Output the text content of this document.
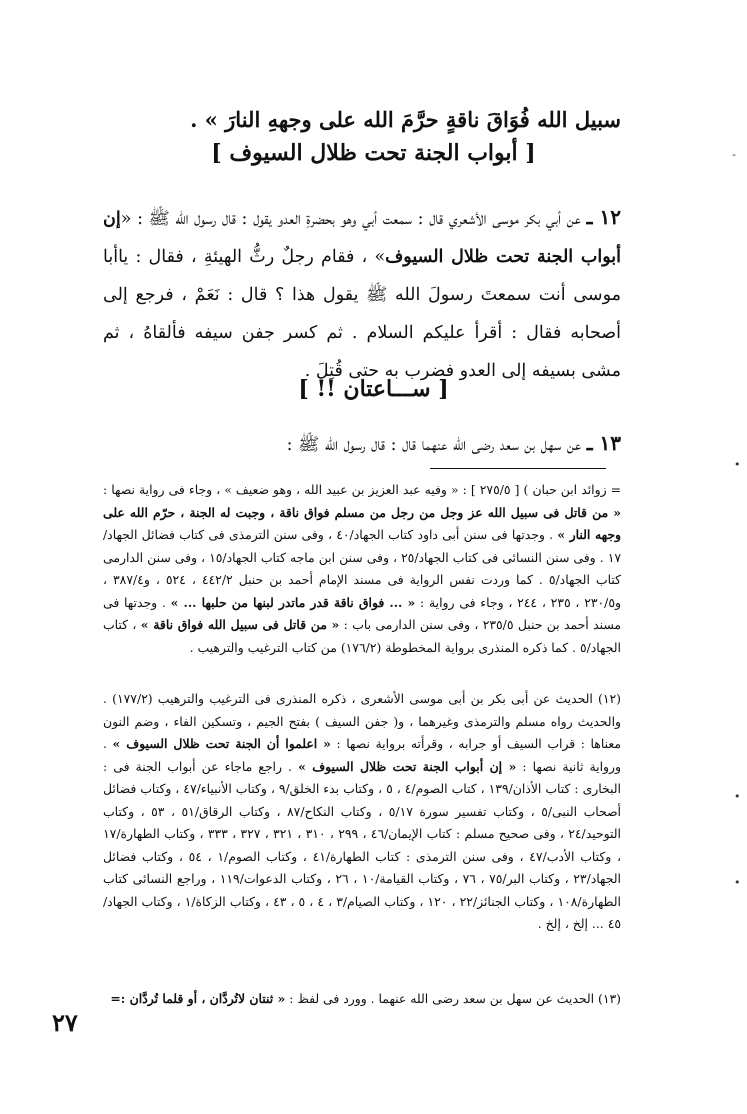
سبيل الله فُوَاقَ ناقةٍ حرَّمَ الله على وجههِ النارَ » .
[ أبواب الجنة تحت ظلال السيوف ]
١٢ ـ عن أبي بكر موسى الأشعري قال : سمعت أبي وهو بحضرةِ العدو يقول : قال رسول الله ﷺ : «إن أبواب الجنة تحت ظلال السيوف» ، فقام رجلٌ رثُّ الهيئةِ ، فقال : ياأبا موسى أنت سمعتَ رسولَ الله ﷺ يقول هذا ؟ قال : نَعَمْ ، فرجع إلى أصحابه فقال : أقرأ عليكم السلام . ثم كسر جفن سيفه فألقاهُ ، ثم مشى بسيفه إلى العدو فضرب به حتى قُتِلَ .
[ ســـاعتان !! ]
١٣ ـ عن سهل بن سعد رضى الله عنهما قال : قال رسول الله ﷺ :
= زوائد ابن حبان ) [ ٢٧٥/٥ ] : « وفيه عبد العزيز بن عبيد الله ، وهو ضعيف » ، وجاء فى رواية نصها : « من قاتل فى سبيل الله عز وجل من رجل من مسلم فواق ناقة ، وجبت له الجنة ، حرّم الله على وجهه النار » . وجدتها فى سنن أبى داود كتاب الجهاد/٤٠ ، وفى سنن الترمذى فى كتاب فضائل الجهاد/١٧ . وفى سنن النسائى فى كتاب الجهاد/٢٥ ، وفى سنن ابن ماجه كتاب الجهاد/١٥ ، وفى سنن الدارمى كتاب الجهاد/٥ . كما وردت نفس الرواية فى مسند الإمام أحمد بن حنبل ٤٤٢/٢ ، ٥٢٤ ، و٣٨٧/٤ ، و٢٣٠/٥ ، ٢٣٥ ، ٢٤٤ ، وجاء فى رواية : « ... فواق ناقة قدر ماتدر لبنها من حلبها ... » . وجدتها فى مسند أحمد بن حنبل ٢٣٥/٥ ، وفى سنن الدارمى باب : « من قاتل فى سبيل الله فواق ناقة » ، كتاب الجهاد/٥ . كما ذكره المنذرى برواية المخطوطة (١٧٦/٢) من كتاب الترغيب والترهيب .
(١٢) الحديث عن أبى بكر بن أبى موسى الأشعرى ، ذكره المنذرى فى الترغيب والترهيب (١٧٧/٢) . والحديث رواه مسلم والترمذى وغيرهما ، و( جفن السيف ) بفتح الجيم ، وتسكين الفاء ، وضم النون معناها : قراب السيف أو جرابه ، وقرأته برواية نصها : « اعلموا أن الجنة تحت ظلال السيوف » . ورواية ثانية نصها : « إن أبواب الجنة تحت ظلال السيوف » . راجع ماجاء عن أبواب الجنة فى : البخارى : كتاب الأذان/١٣٩ ، كتاب الصوم/٤ ، ٥ ، وكتاب بدء الخلق/٩ ، وكتاب الأنبياء/٤٧ ، وكتاب فضائل أصحاب النبى/٥ ، وكتاب تفسير سورة ٥/١٧ ، وكتاب النكاح/٨٧ ، وكتاب الرقاق/٥١ ، ٥٣ ، وكتاب التوحيد/٢٤ ، وفى صحيح مسلم : كتاب الإيمان/٤٦ ، ٢٩٩ ، ٣١٠ ، ٣٢١ ، ٣٢٧ ، ٣٣٣ ، وكتاب الطهارة/١٧ ، وكتاب الأدب/٤٧ ، وفى سنن الترمذى : كتاب الطهارة/٤١ ، وكتاب الصوم/١ ، ٥٤ ، وكتاب فضائل الجهاد/٢٣ ، وكتاب البر/٧٥ ، ٧٦ ، وكتاب القيامة/١٠ ، ٢٦ ، وكتاب الدعوات/١١٩ ، وراجع النسائى كتاب الطهارة/١٠٨ ، وكتاب الجنائز/٢٢ ، ١٢٠ ، وكتاب الصيام/٣ ، ٤ ، ٥ ، ٤٣ ، وكتاب الزكاة/١ ، وكتاب الجهاد/٤٥ ... إلخ ، إلخ .
(١٣) الحديث عن سهل بن سعد رضى الله عنهما . وورد فى لفظ : « ثنتان لاتُردَّان ، أو قلما تُردَّان :=
٢٧
-
•
•
•
